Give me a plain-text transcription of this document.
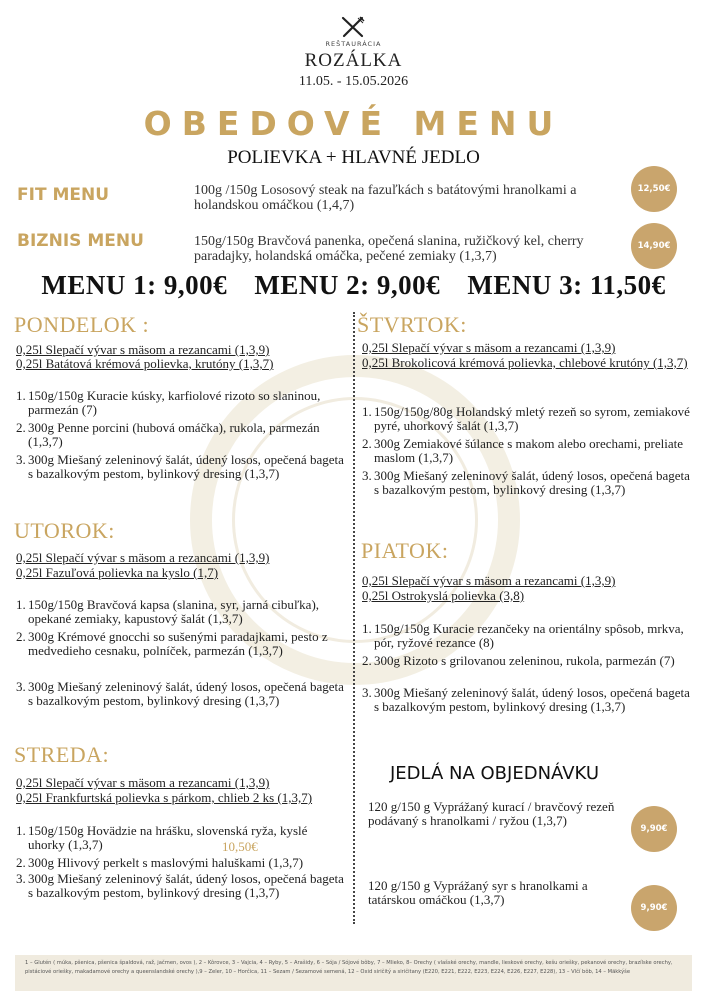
REŠTAURÁCIA
ROZÁLKA
11.05. - 15.05.2026
OBEDOVÉ MENU
POLIEVKA + HLAVNÉ JEDLO
FIT MENU	100g /150g Lososový steak na fazuľkách s batátovými hranolkami a holandskou omáčkou (1,4,7)
12,50€
BIZNIS MENU	150g/150g Bravčová panenka, opečená slanina, ružičkový kel, cherry paradajky, holandská omáčka, pečené zemiaky (1,3,7)
14,90€
MENU 1: 9,00€ MENU 2: 9,00€ MENU 3: 11,50€
PONDELOK :
0,25l Slepačí vývar s mäsom a rezancami (1,3,9)
0,25l Batátová krémová polievka, krutóny (1,3,7)
1. 150g/150g Kuracie kúsky, karfiolové rizoto so slaninou, parmezán (7)
2. 300g Penne porcini (hubová omáčka), rukola, parmezán (1,3,7)
3. 300g Miešaný zeleninový šalát, údený losos, opečená bageta s bazalkovým pestom, bylinkový dresing (1,3,7)
UTOROK:
0,25l Slepačí vývar s mäsom a rezancami (1,3,9)
0,25l Fazuľová polievka na kyslo (1,7)
1. 150g/150g Bravčová kapsa (slanina, syr, jarná cibuľka), opekané zemiaky, kapustový šalát (1,3,7)
2. 300g Krémové gnocchi so sušenými paradajkami, pesto z medvedieho cesnaku, polníček, parmezán (1,3,7)
3. 300g Miešaný zeleninový šalát, údený losos, opečená bageta s bazalkovým pestom, bylinkový dresing (1,3,7)
STREDA:
0,25l Slepačí vývar s mäsom a rezancami (1,3,9)
0,25l Frankfurtská polievka s párkom, chlieb 2 ks (1,3,7)
1. 150g/150g Hovädzie na hrášku, slovenská ryža, kyslé uhorky (1,3,7)	10,50€
2. 300g Hlivový perkelt s maslovými haluškami (1,3,7)
3. 300g Miešaný zeleninový šalát, údený losos, opečená bageta s bazalkovým pestom, bylinkový dresing (1,3,7)
ŠTVRTOK:
0,25l Slepačí vývar s mäsom a rezancami (1,3,9)
0,25l Brokolicová krémová polievka, chlebové krutóny (1,3,7)
1. 150g/150g/80g Holandský mletý rezeň so syrom, zemiakové pyré, uhorkový šalát (1,3,7)
2. 300g Zemiakové šúlance s makom alebo orechami, preliate maslom (1,3,7)
3. 300g Miešaný zeleninový šalát, údený losos, opečená bageta s bazalkovým pestom, bylinkový dresing (1,3,7)
PIATOK:
0,25l Slepačí vývar s mäsom a rezancami (1,3,9)
0,25l Ostrokyslá polievka (3,8)
1. 150g/150g Kuracie rezančeky na orientálny spôsob, mrkva, pór, ryžové rezance (8)
2. 300g Rizoto s grilovanou zeleninou, rukola, parmezán (7)
3. 300g Miešaný zeleninový šalát, údený losos, opečená bageta s bazalkovým pestom, bylinkový dresing (1,3,7)
JEDLÁ NA OBJEDNÁVKU
120 g/150 g Vyprážaný kurací / bravčový rezeň podávaný s hranolkami / ryžou (1,3,7)
9,90€
120 g/150 g Vyprážaný syr s hranolkami a tatárskou omáčkou (1,3,7)
9,90€
1 – Glutén ( múka, pšenica, pšenica špaldová, raž, jačmen, ovos ), 2 – Kôrovce, 3 – Vajcia, 4 – Ryby, 5 – Arašidy, 6 – Sója / Sójové bôby, 7 – Mlieko, 8– Orechy ( vlašské orechy, mandle, lieskové orechy, kešu oriešky, pekanové orechy, brazílske orechy, pistáciové oriešky, makadamové orechy a queenslandské orechy ),9 – Zeler, 10 – Horčica, 11 – Sezam / Sezamové semená, 12 – Oxid siričitý a siričitany (E220, E221, E222, E223, E224, E226, E227, E228), 13 – Vlčí bôb, 14 – Mäkkýše
